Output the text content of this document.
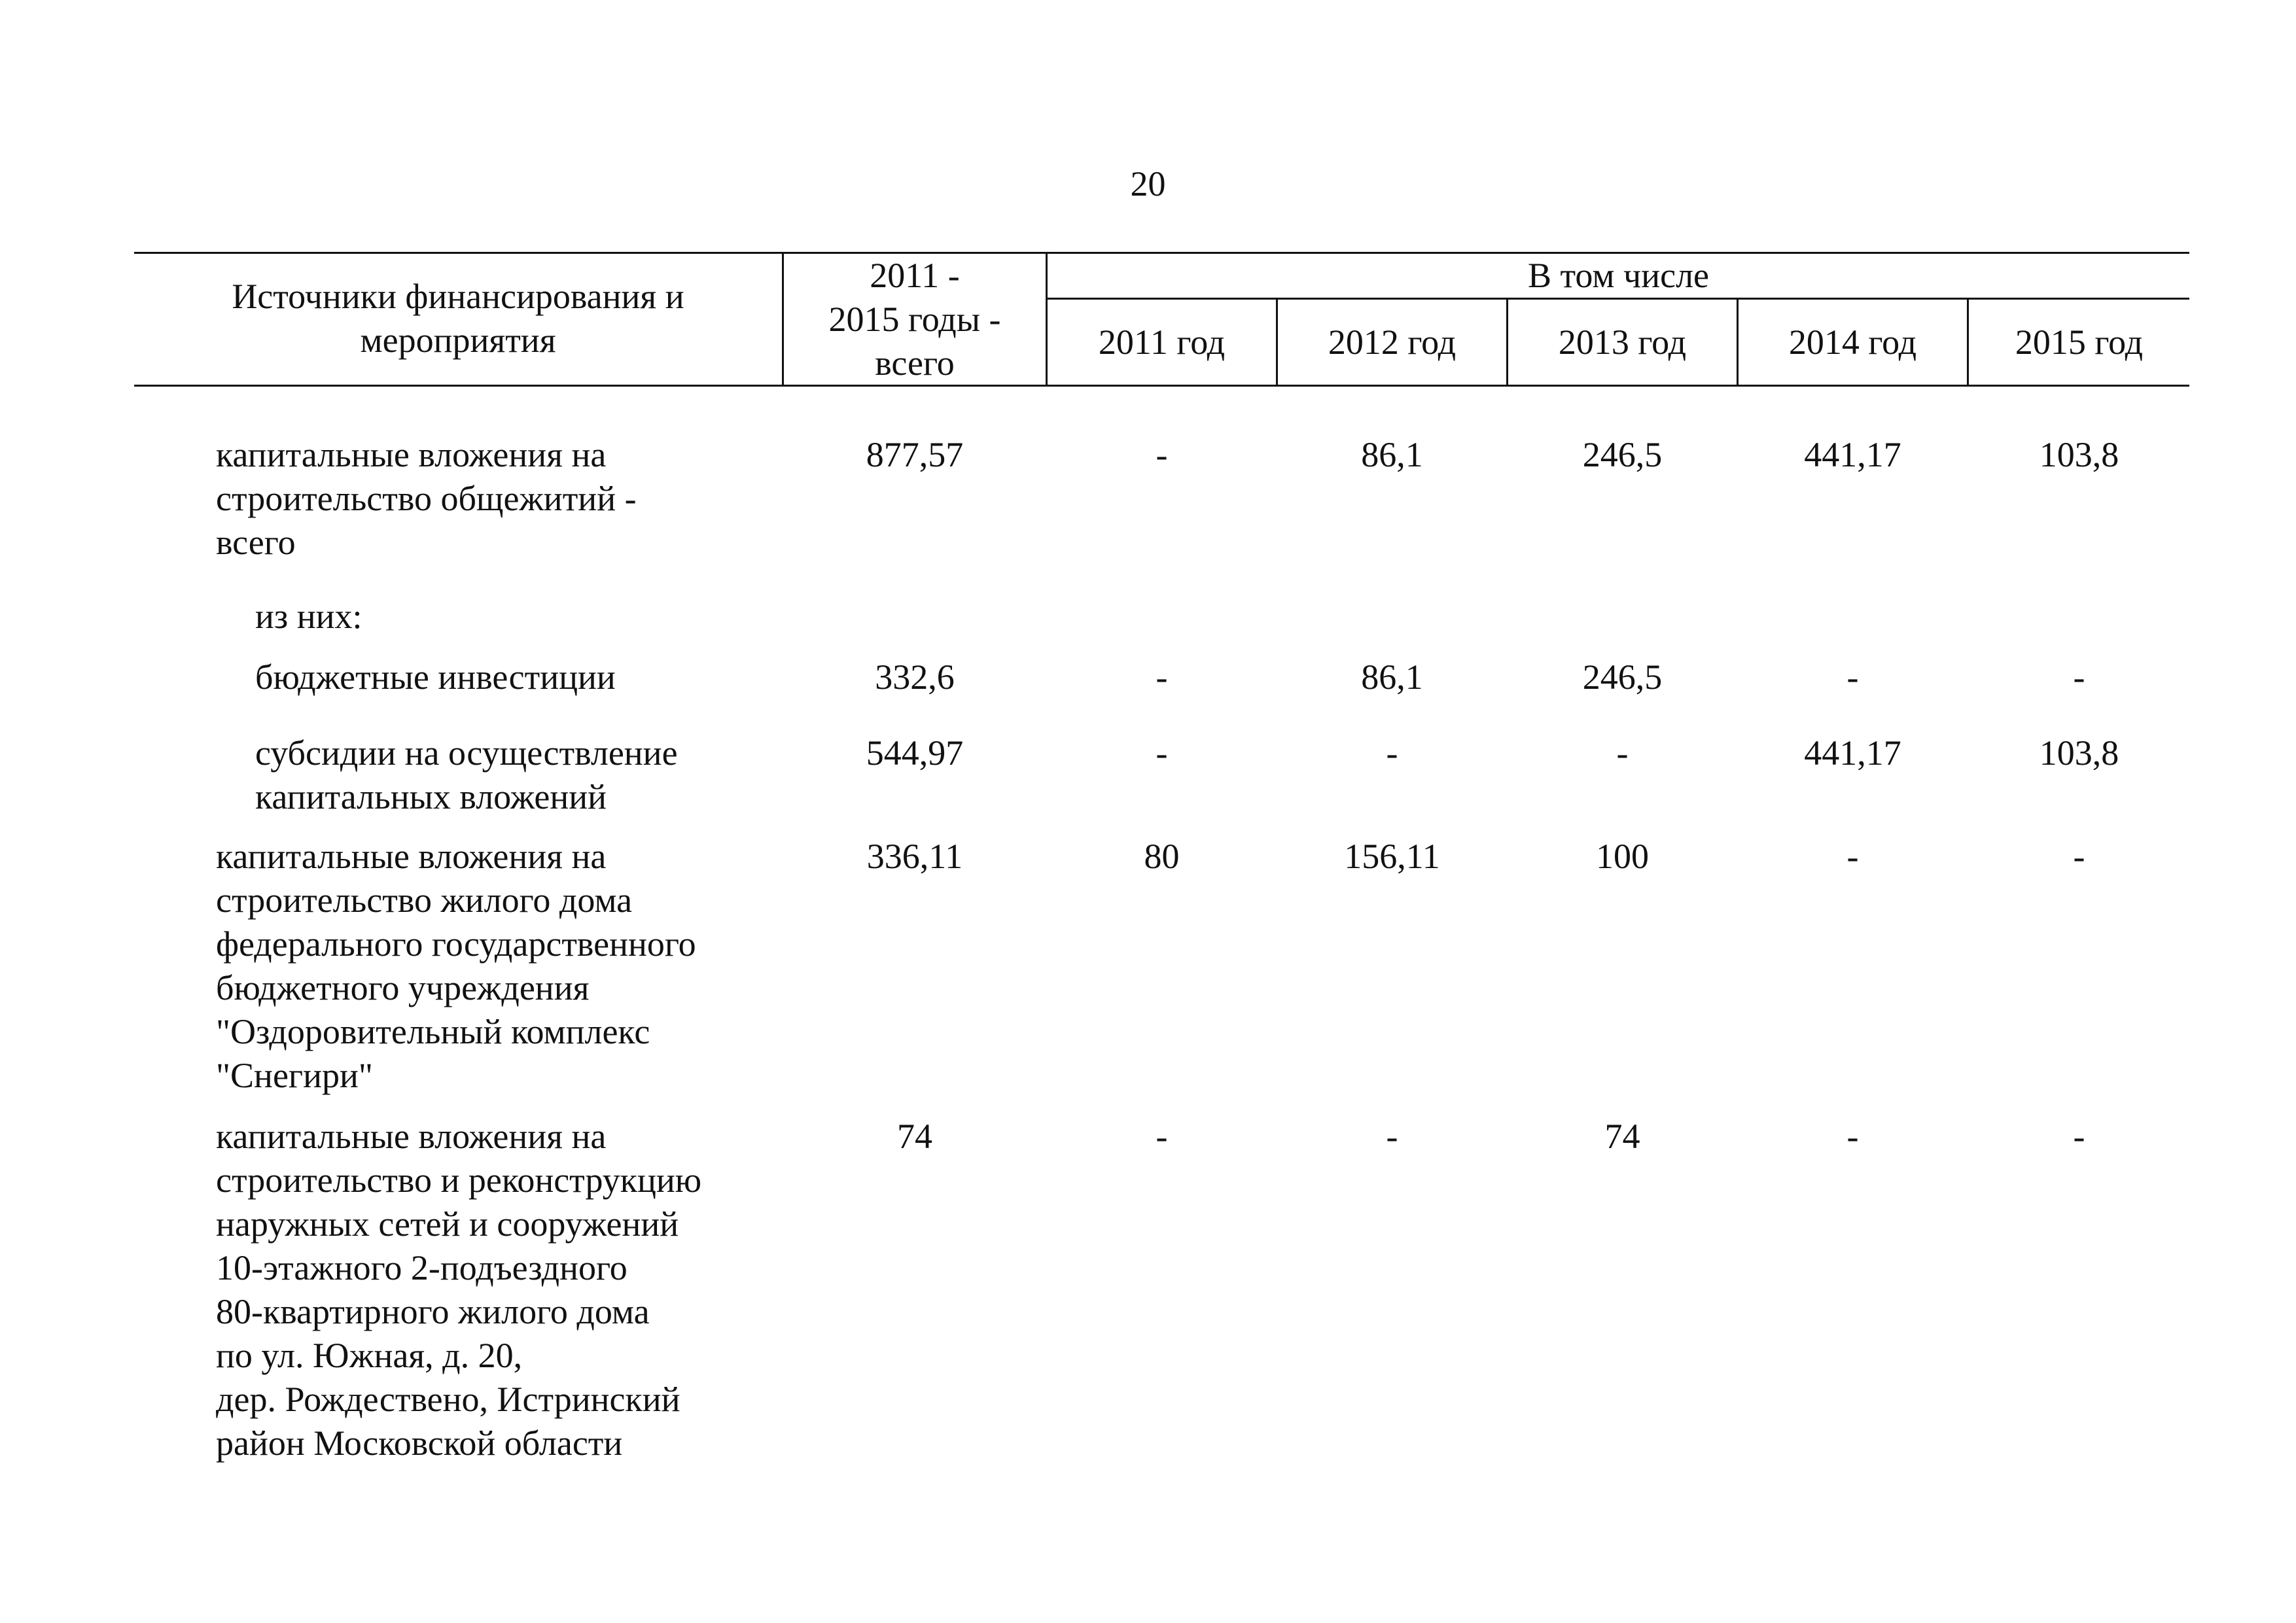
20
Источники финансирования и
мероприятия
2011 -
2015 годы -
всего
В том числе
2011 год	2012 год	2013 год	2014 год	2015 год
капитальные вложения на
строительство общежитий -
всего
877,57	-	86,1	246,5	441,17	103,8
из них:
бюджетные инвестиции	332,6	-	86,1	246,5	-	-
субсидии на осуществление
капитальных вложений
544,97	-	-	-	441,17	103,8
капитальные вложения на
строительство жилого дома
федерального государственного
бюджетного учреждения
"Оздоровительный комплекс
"Снегири"
336,11	80	156,11	100	-	-
капитальные вложения на
строительство и реконструкцию
наружных сетей и сооружений
10-этажного 2-подъездного
80-квартирного жилого дома
по ул. Южная, д. 20,
дер. Рождествено, Истринский
район Московской области
74	-	-	74	-	-
